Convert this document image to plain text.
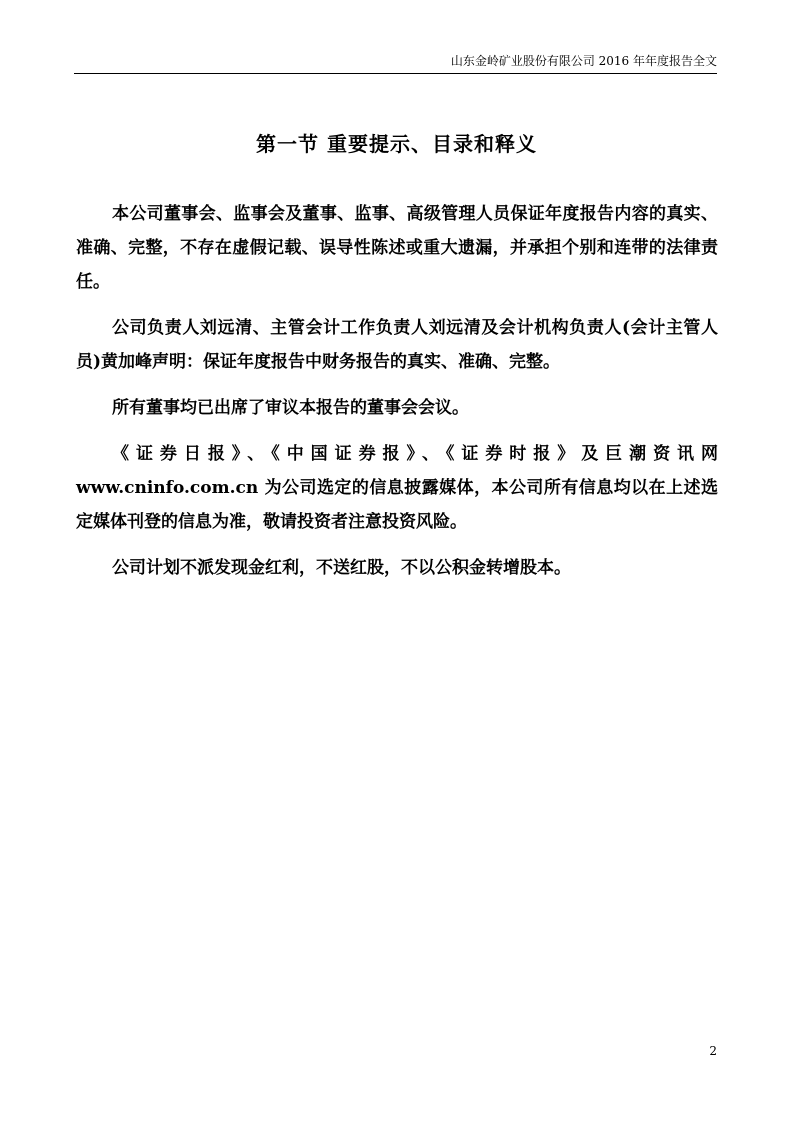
山东金岭矿业股份有限公司 2016 年年度报告全文
第一节 重要提示、目录和释义

本公司董事会、监事会及董事、监事、高级管理人员保证年度报告内容的真实、准确、完整，不存在虚假记载、误导性陈述或重大遗漏，并承担个别和连带的法律责任。

公司负责人刘远清、主管会计工作负责人刘远清及会计机构负责人(会计主管人员)黄加峰声明：保证年度报告中财务报告的真实、准确、完整。

所有董事均已出席了审议本报告的董事会会议。

《证券日报》、《中国证券报》、《证券时报》及巨潮资讯网 www.cninfo.com.cn 为公司选定的信息披露媒体，本公司所有信息均以在上述选定媒体刊登的信息为准，敬请投资者注意投资风险。

公司计划不派发现金红利，不送红股，不以公积金转增股本。

2
